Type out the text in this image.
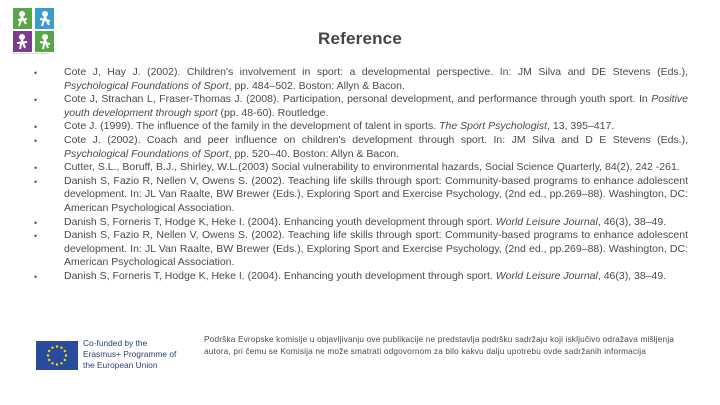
Sport and Education Research Network
Reference
• Cote J, Hay J. (2002). Children's involvement in sport: a developmental perspective. In: JM Silva and DE Stevens (Eds.), Psychological Foundations of Sport, pp. 484–502. Boston: Allyn & Bacon.
• Cote J, Strachan L, Fraser-Thomas J. (2008). Participation, personal development, and performance through youth sport. In Positive youth development through sport (pp. 48-60). Routledge.
• Cote J. (1999). The influence of the family in the development of talent in sports. The Sport Psychologist, 13, 395–417.
• Cote J. (2002). Coach and peer influence on children's development through sport. In: JM Silva and D E Stevens (Eds.), Psychological Foundations of Sport, pp. 520–40. Boston: Allyn & Bacon.
• Cutter, S.L., Boruff, B.J., Shirley, W.L.(2003) Social vulnerability to environmental hazards, Social Science Quarterly, 84(2), 242 -261.
• Danish S, Fazio R, Nellen V, Owens S. (2002). Teaching life skills through sport: Community-based programs to enhance adolescent development. In: JL Van Raalte, BW Brewer (Eds.), Exploring Sport and Exercise Psychology, (2nd ed., pp.269–88). Washington, DC: American Psychological Association.
• Danish S, Forneris T, Hodge K, Heke I. (2004). Enhancing youth development through sport. World Leisure Journal, 46(3), 38–49.
• Danish S, Fazio R, Nellen V, Owens S. (2002). Teaching life skills through sport: Community-based programs to enhance adolescent development. In: JL Van Raalte, BW Brewer (Eds.), Exploring Sport and Exercise Psychology, (2nd ed., pp.269–88). Washington, DC: American Psychological Association.
• Danish S, Forneris T, Hodge K, Heke I. (2004). Enhancing youth development through sport. World Leisure Journal, 46(3), 38–49.
Co-funded by the Erasmus+ Programme of the European Union
Podrška Evropske komisije u objavljivanju ove publikacije ne predstavlja podršku sadržaju koji isključivo odražava mišljenja autora, pri čemu se Komisija ne može smatrati odgovornom za bilo kakvu dalju upotrebu ovde sadržanih informacija
